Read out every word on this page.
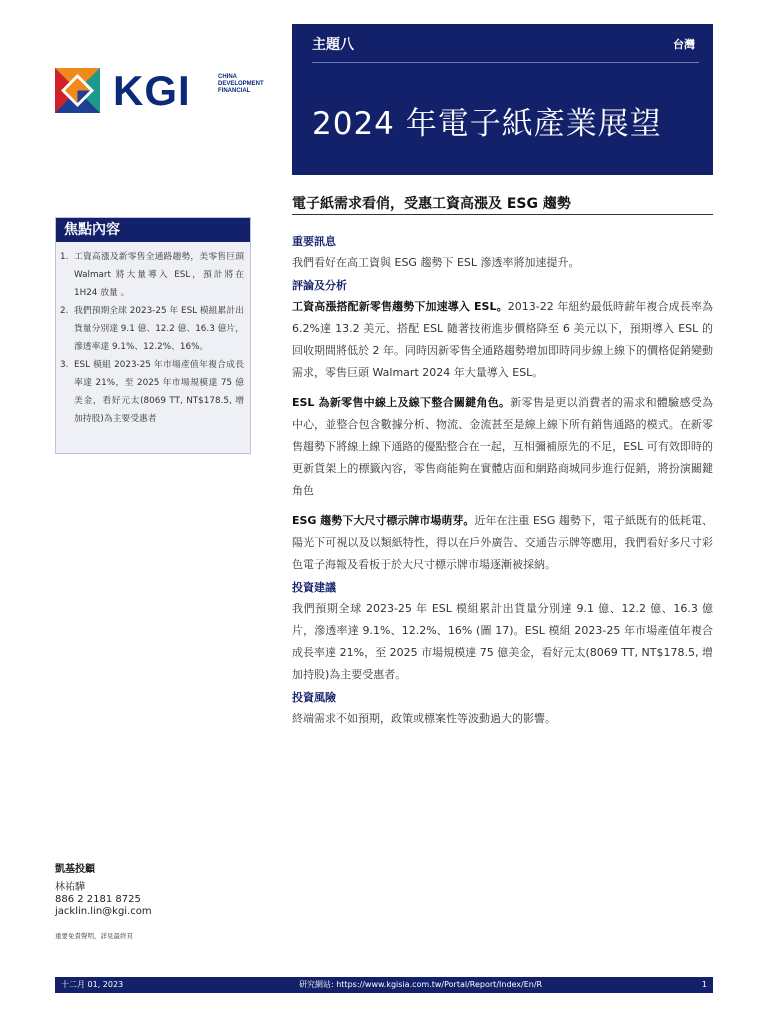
KGI	CHINA
DEVELOPMENT
FINANCIAL
主題八	台灣
2024 年電子紙產業展望
電子紙需求看俏，受惠工資高漲及 ESG 趨勢
焦點內容
1. 工資高漲及新零售全通路趨勢，美零售巨頭 Walmart 將大量導入 ESL，預計將在 1H24 放量 。
2. 我們預期全球 2023-25 年 ESL 模組累計出貨量分別達 9.1 億、12.2 億、16.3 億片，滲透率達 9.1%、12.2%、16%。
3. ESL 模組 2023-25 年市場產值年複合成長率達 21%，至 2025 年市場規模達 75 億美金，看好元太(8069 TT, NT$178.5, 增加持股)為主要受惠者
重要訊息

我們看好在高工資與 ESG 趨勢下 ESL 滲透率將加速提升。

評論及分析

工資高漲搭配新零售趨勢下加速導入 ESL。2013-22 年紐約最低時薪年複合成長率為 6.2%達 13.2 美元、搭配 ESL 隨著技術進步價格降至 6 美元以下，預期導入 ESL 的回收期間將低於 2 年。同時因新零售全通路趨勢增加即時同步線上線下的價格促銷變動需求，零售巨頭 Walmart 2024 年大量導入 ESL。

ESL 為新零售中線上及線下整合關鍵角色。新零售是更以消費者的需求和體驗感受為中心，並整合包含數據分析、物流、金流甚至是線上線下所有銷售通路的模式。在新零售趨勢下將線上線下通路的優點整合在一起，互相彌補原先的不足，ESL 可有效即時的更新貨架上的標籤內容，零售商能夠在實體店面和網路商城同步進行促銷，將扮演關鍵角色

ESG 趨勢下大尺寸標示牌市場萌芽。近年在注重 ESG 趨勢下，電子紙既有的低耗電、陽光下可視以及以類紙特性，得以在戶外廣告、交通告示牌等應用，我們看好多尺寸彩色電子海報及看板于於大尺寸標示牌市場逐漸被採納。

投資建議

我們預期全球 2023-25 年 ESL 模組累計出貨量分別達 9.1 億、12.2 億、16.3 億片，滲透率達 9.1%、12.2%、16% (圖 17)。ESL 模組 2023-25 年市場產值年複合成長率達 21%，至 2025 市場規模達 75 億美金，看好元太(8069 TT, NT$178.5, 增加持股)為主要受惠者。

投資風險

終端需求不如預期，政策或標案性等波動過大的影響。

凱基投顧
林祐驊
886 2 2181 8725
jacklin.lin@kgi.com
重要免責聲明，詳見最終頁
十二月 01, 2023	研究網站: https://www.kgisia.com.tw/Portal/Report/Index/En/R	1
